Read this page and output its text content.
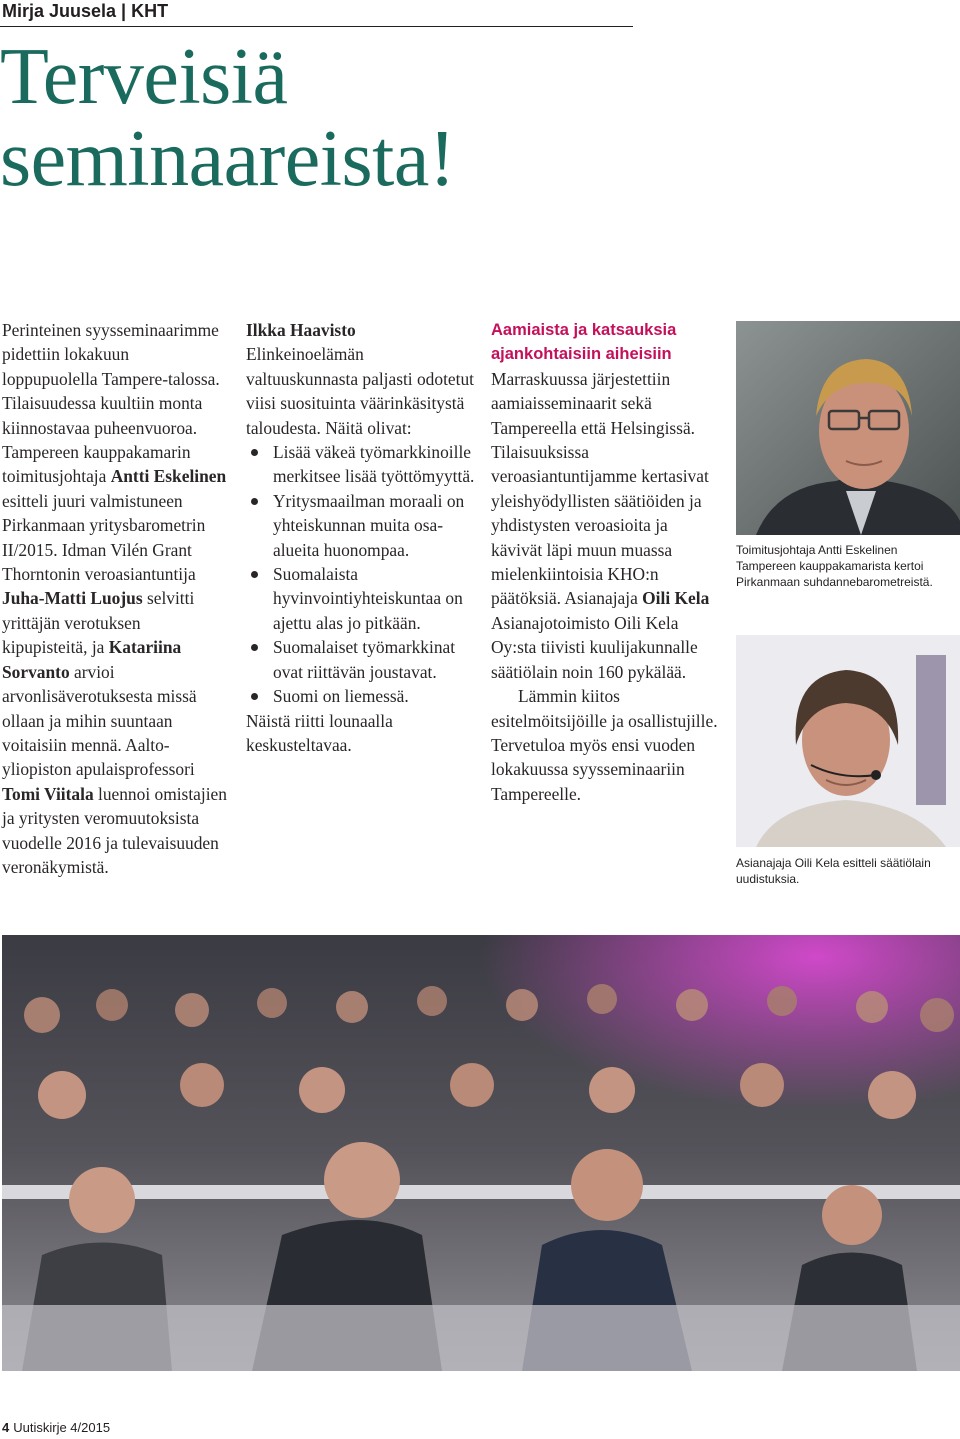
Mirja Juusela | KHT
Terveisiä
seminaareista!

Perinteinen syysseminaarimme pidettiin lokakuun loppupuolella Tampere-talossa. Tilaisuudessa kuultiin monta kiinnostavaa puheenvuoroa. Tampereen kauppakamarin toimitusjohtaja Antti Eskelinen esitteli juuri valmistuneen Pirkanmaan yritysbarometrin II/2015. Idman Vilén Grant Thorntonin veroasiantuntija Juha-Matti Luojus selvitti yrittäjän verotuksen kipupisteitä, ja Katariina Sorvanto arvioi arvonlisäverotuksesta missä ollaan ja mihin suuntaan voitaisiin mennä. Aalto-yliopiston apulaisprofessori Tomi Viitala luennoi omistajien ja yritysten veromuutoksista vuodelle 2016 ja tulevaisuuden veronäkymistä.

Ilkka Haavisto Elinkeinoelämän valtuuskunnasta paljasti odotetut viisi suosituinta väärinkäsitystä taloudesta. Näitä olivat:

Lisää väkeä työmarkkinoille merkitsee lisää työttömyyttä.
Yritysmaailman moraali on yhteiskunnan muita osa-alueita huonompaa.
Suomalaista hyvinvointiyhteiskuntaa on ajettu alas jo pitkään.
Suomalaiset työmarkkinat ovat riittävän joustavat.
Suomi on liemessä.

Näistä riitti lounaalla keskusteltavaa.

Aamiaista ja katsauksia ajankohtaisiin aiheisiin

Marraskuussa järjestettiin aamiaisseminaarit sekä Tampereella että Helsingissä. Tilaisuuksissa veroasiantuntijamme kertasivat yleishyödyllisten säätiöiden ja yhdistysten veroasioita ja kävivät läpi muun muassa mielenkiintoisia KHO:n päätöksiä. Asianajaja Oili Kela Asianajotoimisto Oili Kela Oy:sta tiivisti kuulijakunnalle säätiölain noin 160 pykälää.

Lämmin kiitos esitelmöitsijöille ja osallistujille. Tervetuloa myös ensi vuoden lokakuussa syysseminaariin Tampereelle.

Toimitusjohtaja Antti Eskelinen Tampereen kauppakamarista kertoi Pirkanmaan suhdannebarometreistä.
Asianajaja Oili Kela esitteli säätiölain uudistuksia.
4 Uutiskirje 4/2015
